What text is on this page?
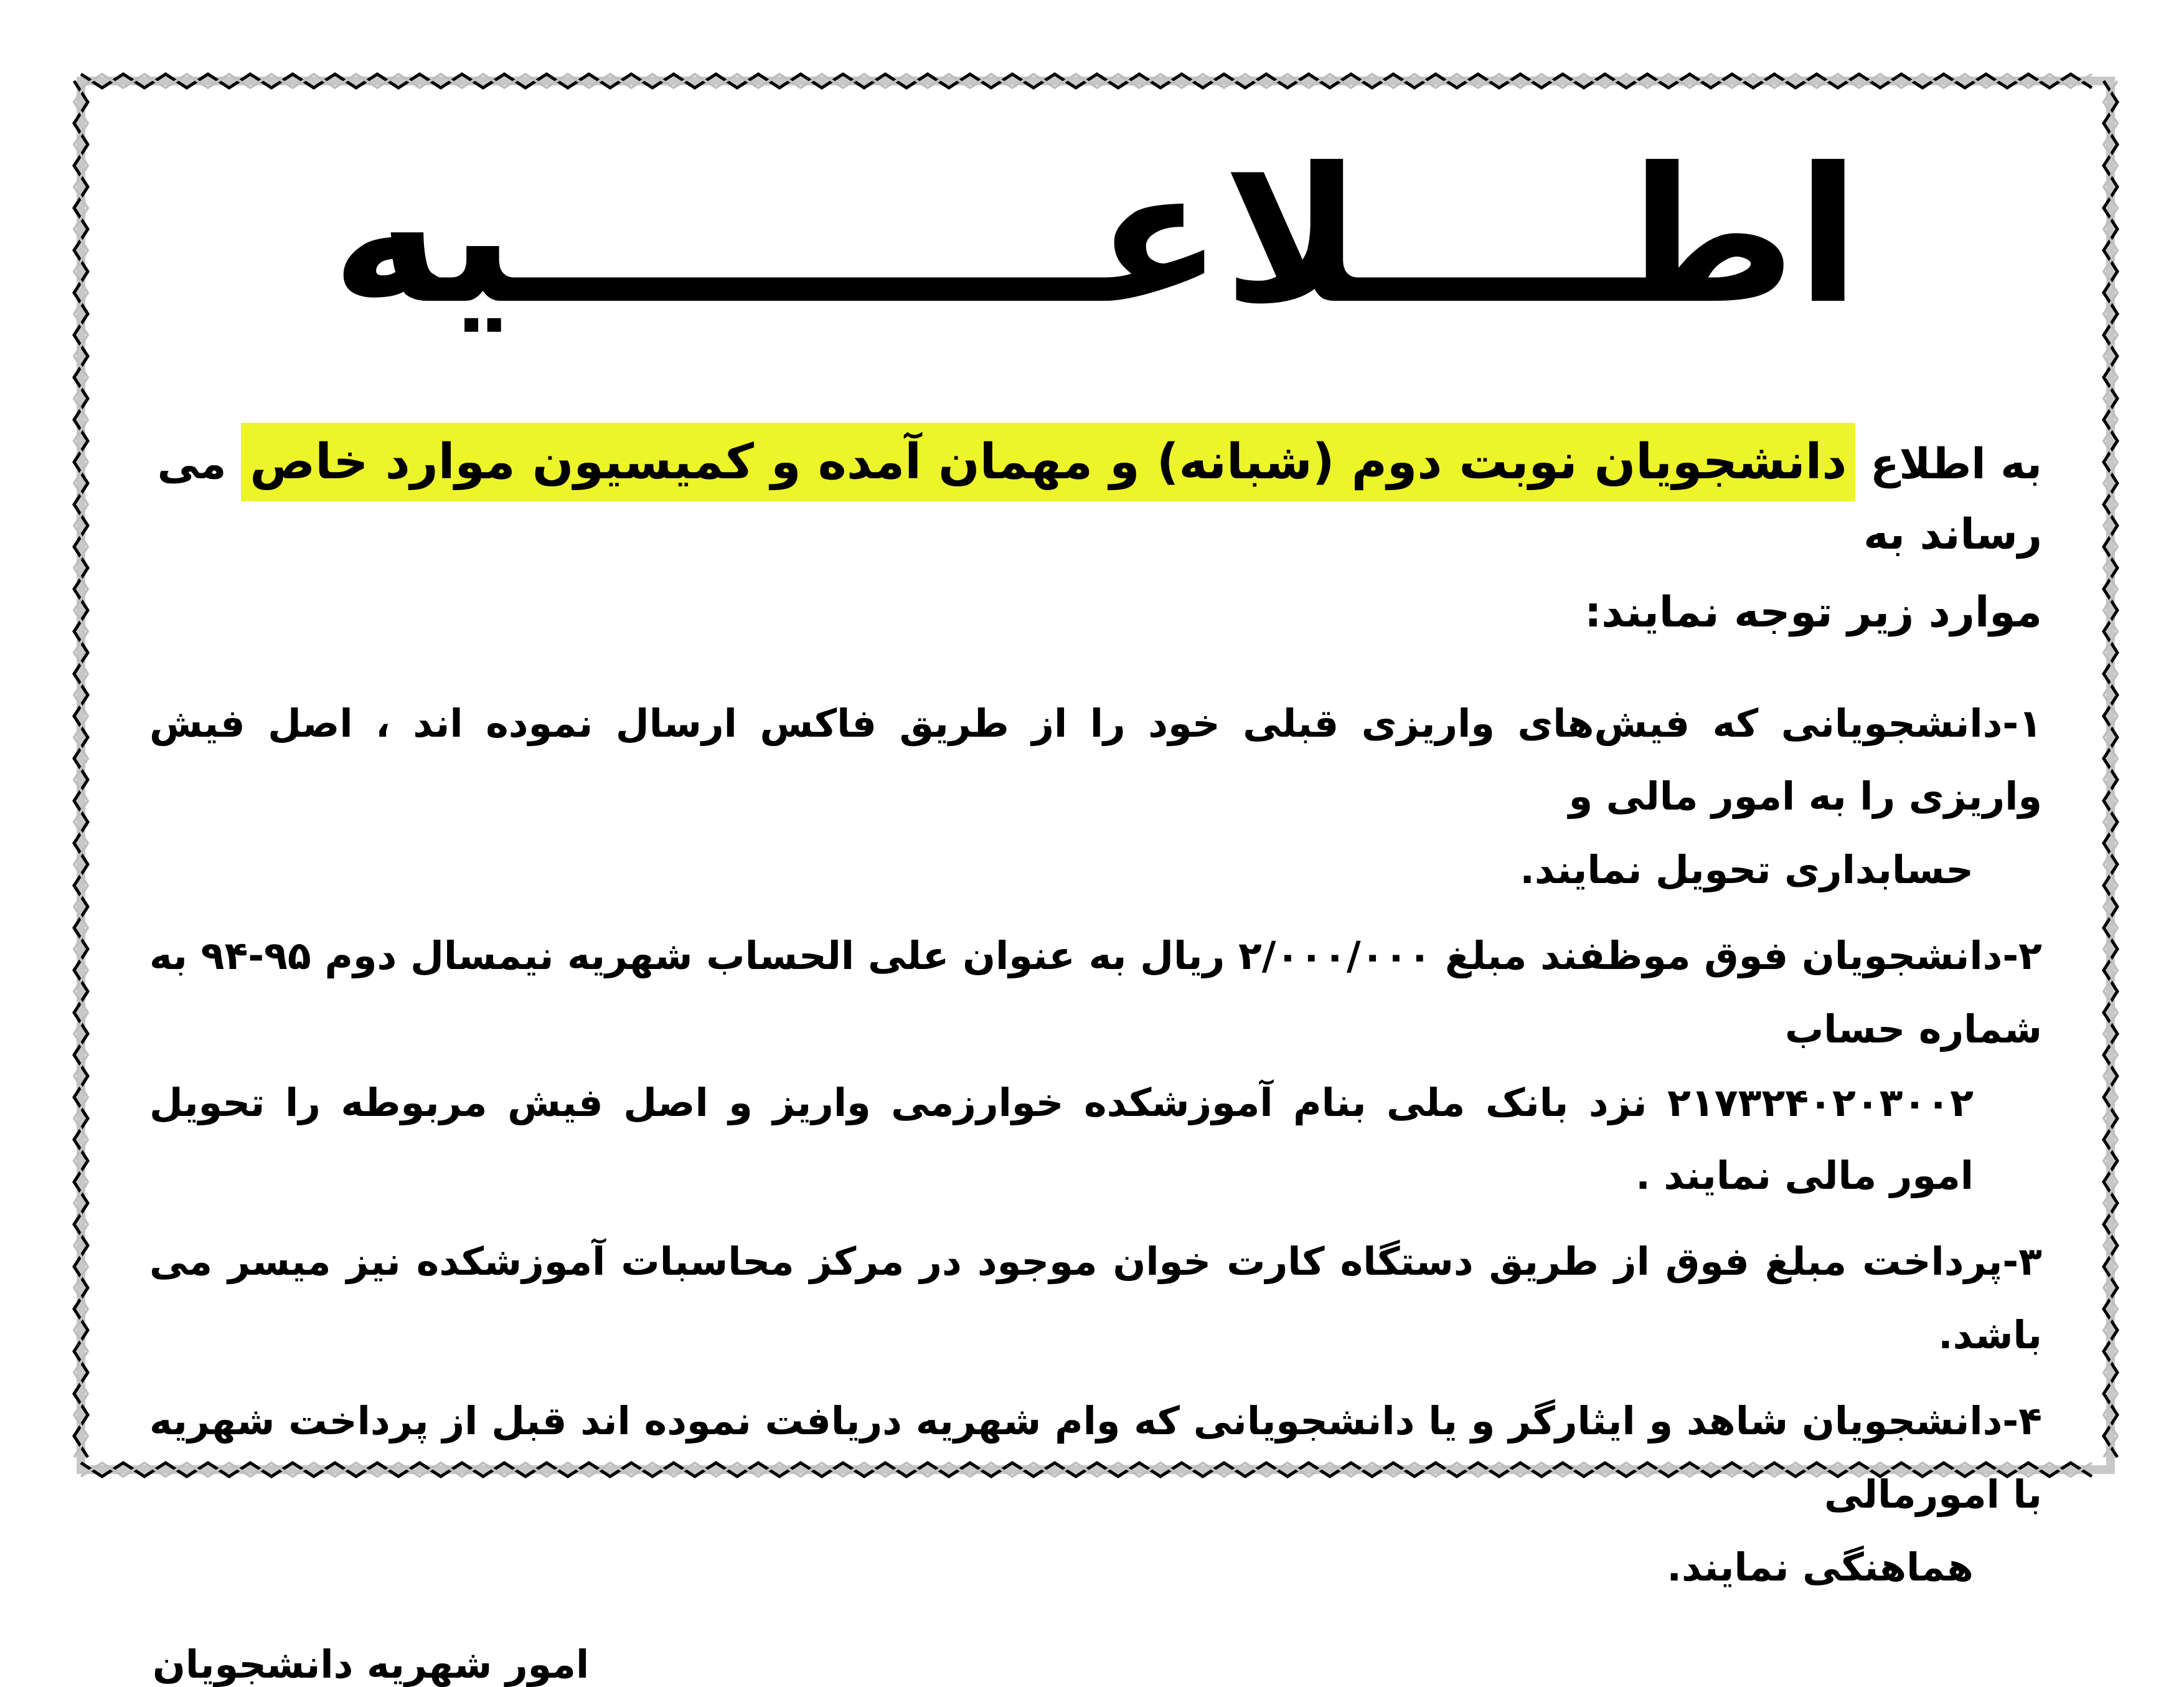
اطــــلاعـــــــــیه
به اطلاع دانشجویان نوبت دوم (شبانه) و مهمان آمده و کمیسیون موارد خاص می رساند به
موارد زیر توجه نمایند:
۱-دانشجویانی که فیش‌های واریزی قبلی خود را از طریق فاکس ارسال نموده اند ، اصل فیش واریزی را به امور مالی و
حسابداری تحویل نمایند.
۲-دانشجویان فوق موظفند مبلغ ۲/۰۰۰/۰۰۰ ریال به عنوان علی الحساب شهریه نیمسال دوم ۹۵-۹۴ به شماره حساب
۲۱۷۳۲۴۰۲۰۳۰۰۲ نزد بانک ملی بنام آموزشکده خوارزمی واریز و اصل فیش مربوطه را تحویل امور مالی نمایند .
۳-پرداخت مبلغ فوق از طریق دستگاه کارت خوان موجود در مرکز محاسبات آموزشکده نیز میسر می باشد.
۴-دانشجویان شاهد و ایثارگر و یا دانشجویانی که وام شهریه دریافت نموده اند قبل از پرداخت شهریه با امورمالی
هماهنگی نمایند.
امور شهریه دانشجویان
